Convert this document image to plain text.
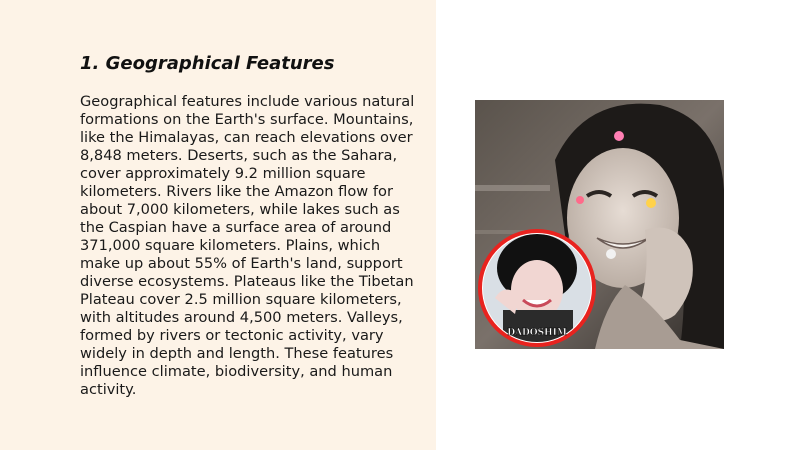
1. Geographical Features

Geographical features include various natural formations on the Earth's surface. Mountains, like the Himalayas, can reach elevations over 8,848 meters. Deserts, such as the Sahara, cover approximately 9.2 million square kilometers. Rivers like the Amazon flow for about 7,000 kilometers, while lakes such as the Caspian have a surface area of around 371,000 square kilometers. Plains, which make up about 55% of Earth's land, support diverse ecosystems. Plateaus like the Tibetan Plateau cover 2.5 million square kilometers, with altitudes around 4,500 meters. Valleys, formed by rivers or tectonic activity, vary widely in depth and length. These features influence climate, biodiversity, and human activity.

DADOSHIM
